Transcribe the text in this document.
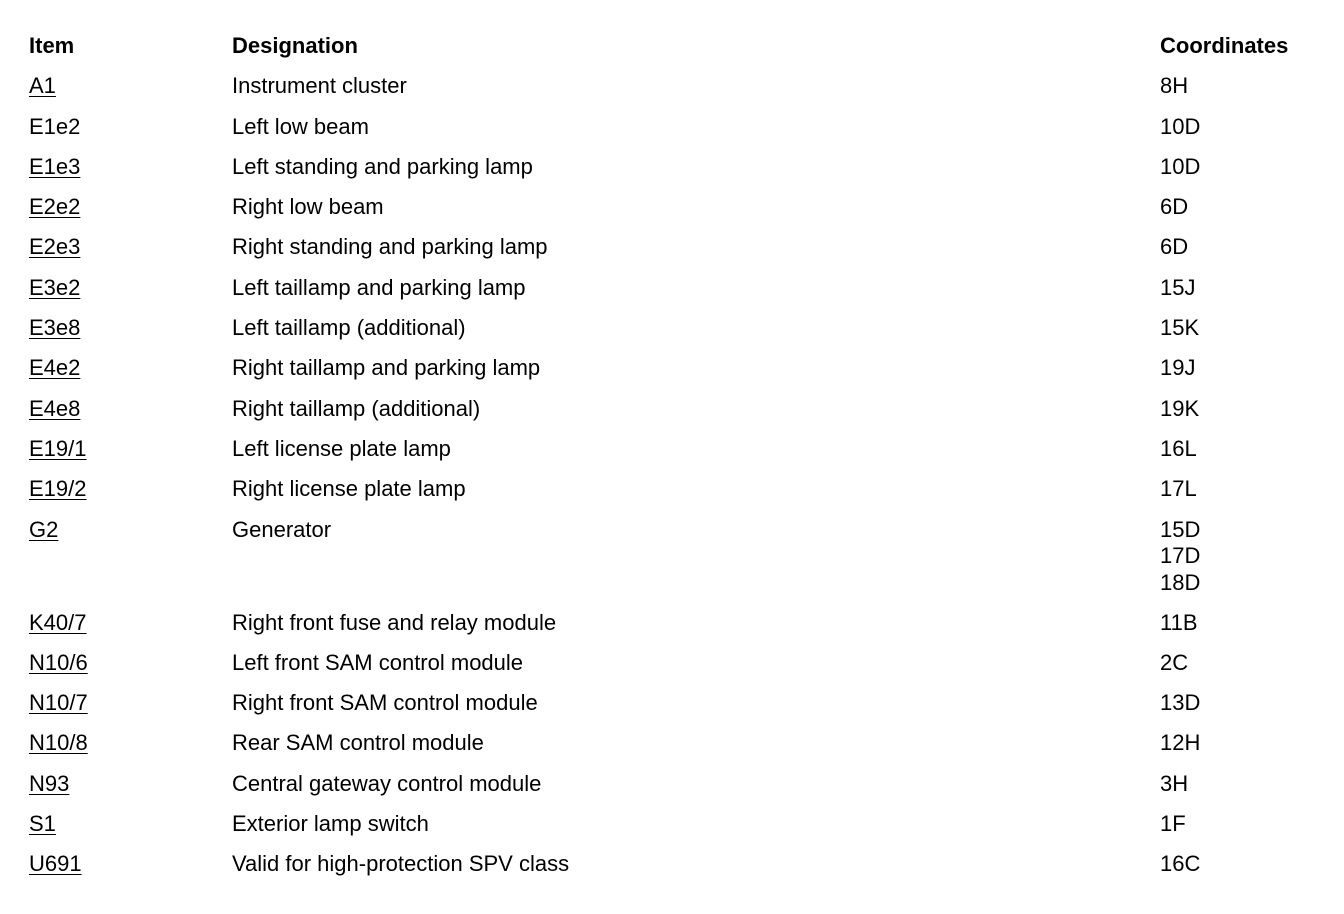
Item	Designation	Coordinates
A1	Instrument cluster	8H
E1e2	Left low beam	10D
E1e3	Left standing and parking lamp	10D
E2e2	Right low beam	6D
E2e3	Right standing and parking lamp	6D
E3e2	Left taillamp and parking lamp	15J
E3e8	Left taillamp (additional)	15K
E4e2	Right taillamp and parking lamp	19J
E4e8	Right taillamp (additional)	19K
E19/1	Left license plate lamp	16L
E19/2	Right license plate lamp	17L
G2	Generator	15D
17D
18D
K40/7	Right front fuse and relay module	11B
N10/6	Left front SAM control module	2C
N10/7	Right front SAM control module	13D
N10/8	Rear SAM control module	12H
N93	Central gateway control module	3H
S1	Exterior lamp switch	1F
U691	Valid for high-protection SPV class	16C
